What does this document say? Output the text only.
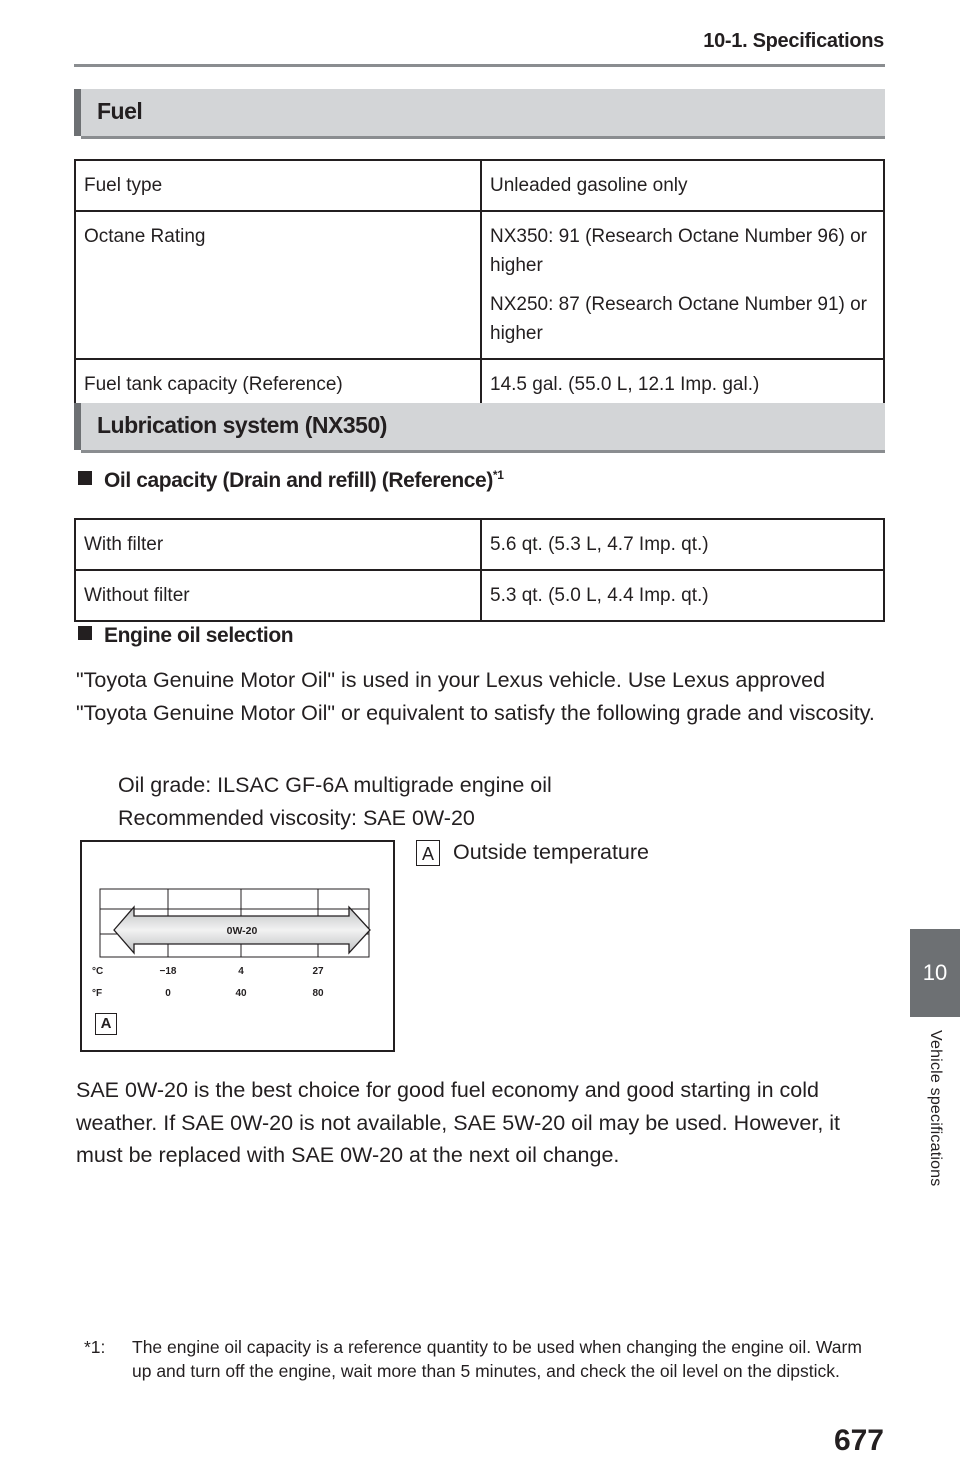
10-1. Specifications
Fuel
Fuel type	Unleaded gasoline only
Octane Rating	NX350: 91 (Research Octane Number 96) or higher

NX250: 87 (Research Octane Number 91) or higher

Fuel tank capacity (Reference)	14.5 gal. (55.0 L, 12.1 Imp. gal.)
Lubrication system (NX350)
Oil capacity (Drain and refill) (Reference)$^{*1}$
With filter	5.6 qt. (5.3 L, 4.7 Imp. qt.)
Without filter	5.3 qt. (5.0 L, 4.4 Imp. qt.)
Engine oil selection
"Toyota Genuine Motor Oil" is used in your Lexus vehicle. Use Lexus approved "Toyota Genuine Motor Oil" or equivalent to satisfy the following grade and viscosity.
Oil grade: ILSAC GF-6A multigrade engine oil
Recommended viscosity: SAE 0W-20
0W-20
°C
°F
−18	4	27
0	40	80
A
A Outside temperature
SAE 0W-20 is the best choice for good fuel economy and good starting in cold weather. If SAE 0W-20 is not available, SAE 5W-20 oil may be used. However, it must be replaced with SAE 0W-20 at the next oil change.
10
Vehicle specifications
*1: The engine oil capacity is a reference quantity to be used when changing the engine oil. Warm up and turn off the engine, wait more than 5 minutes, and check the oil level on the dipstick.
677
